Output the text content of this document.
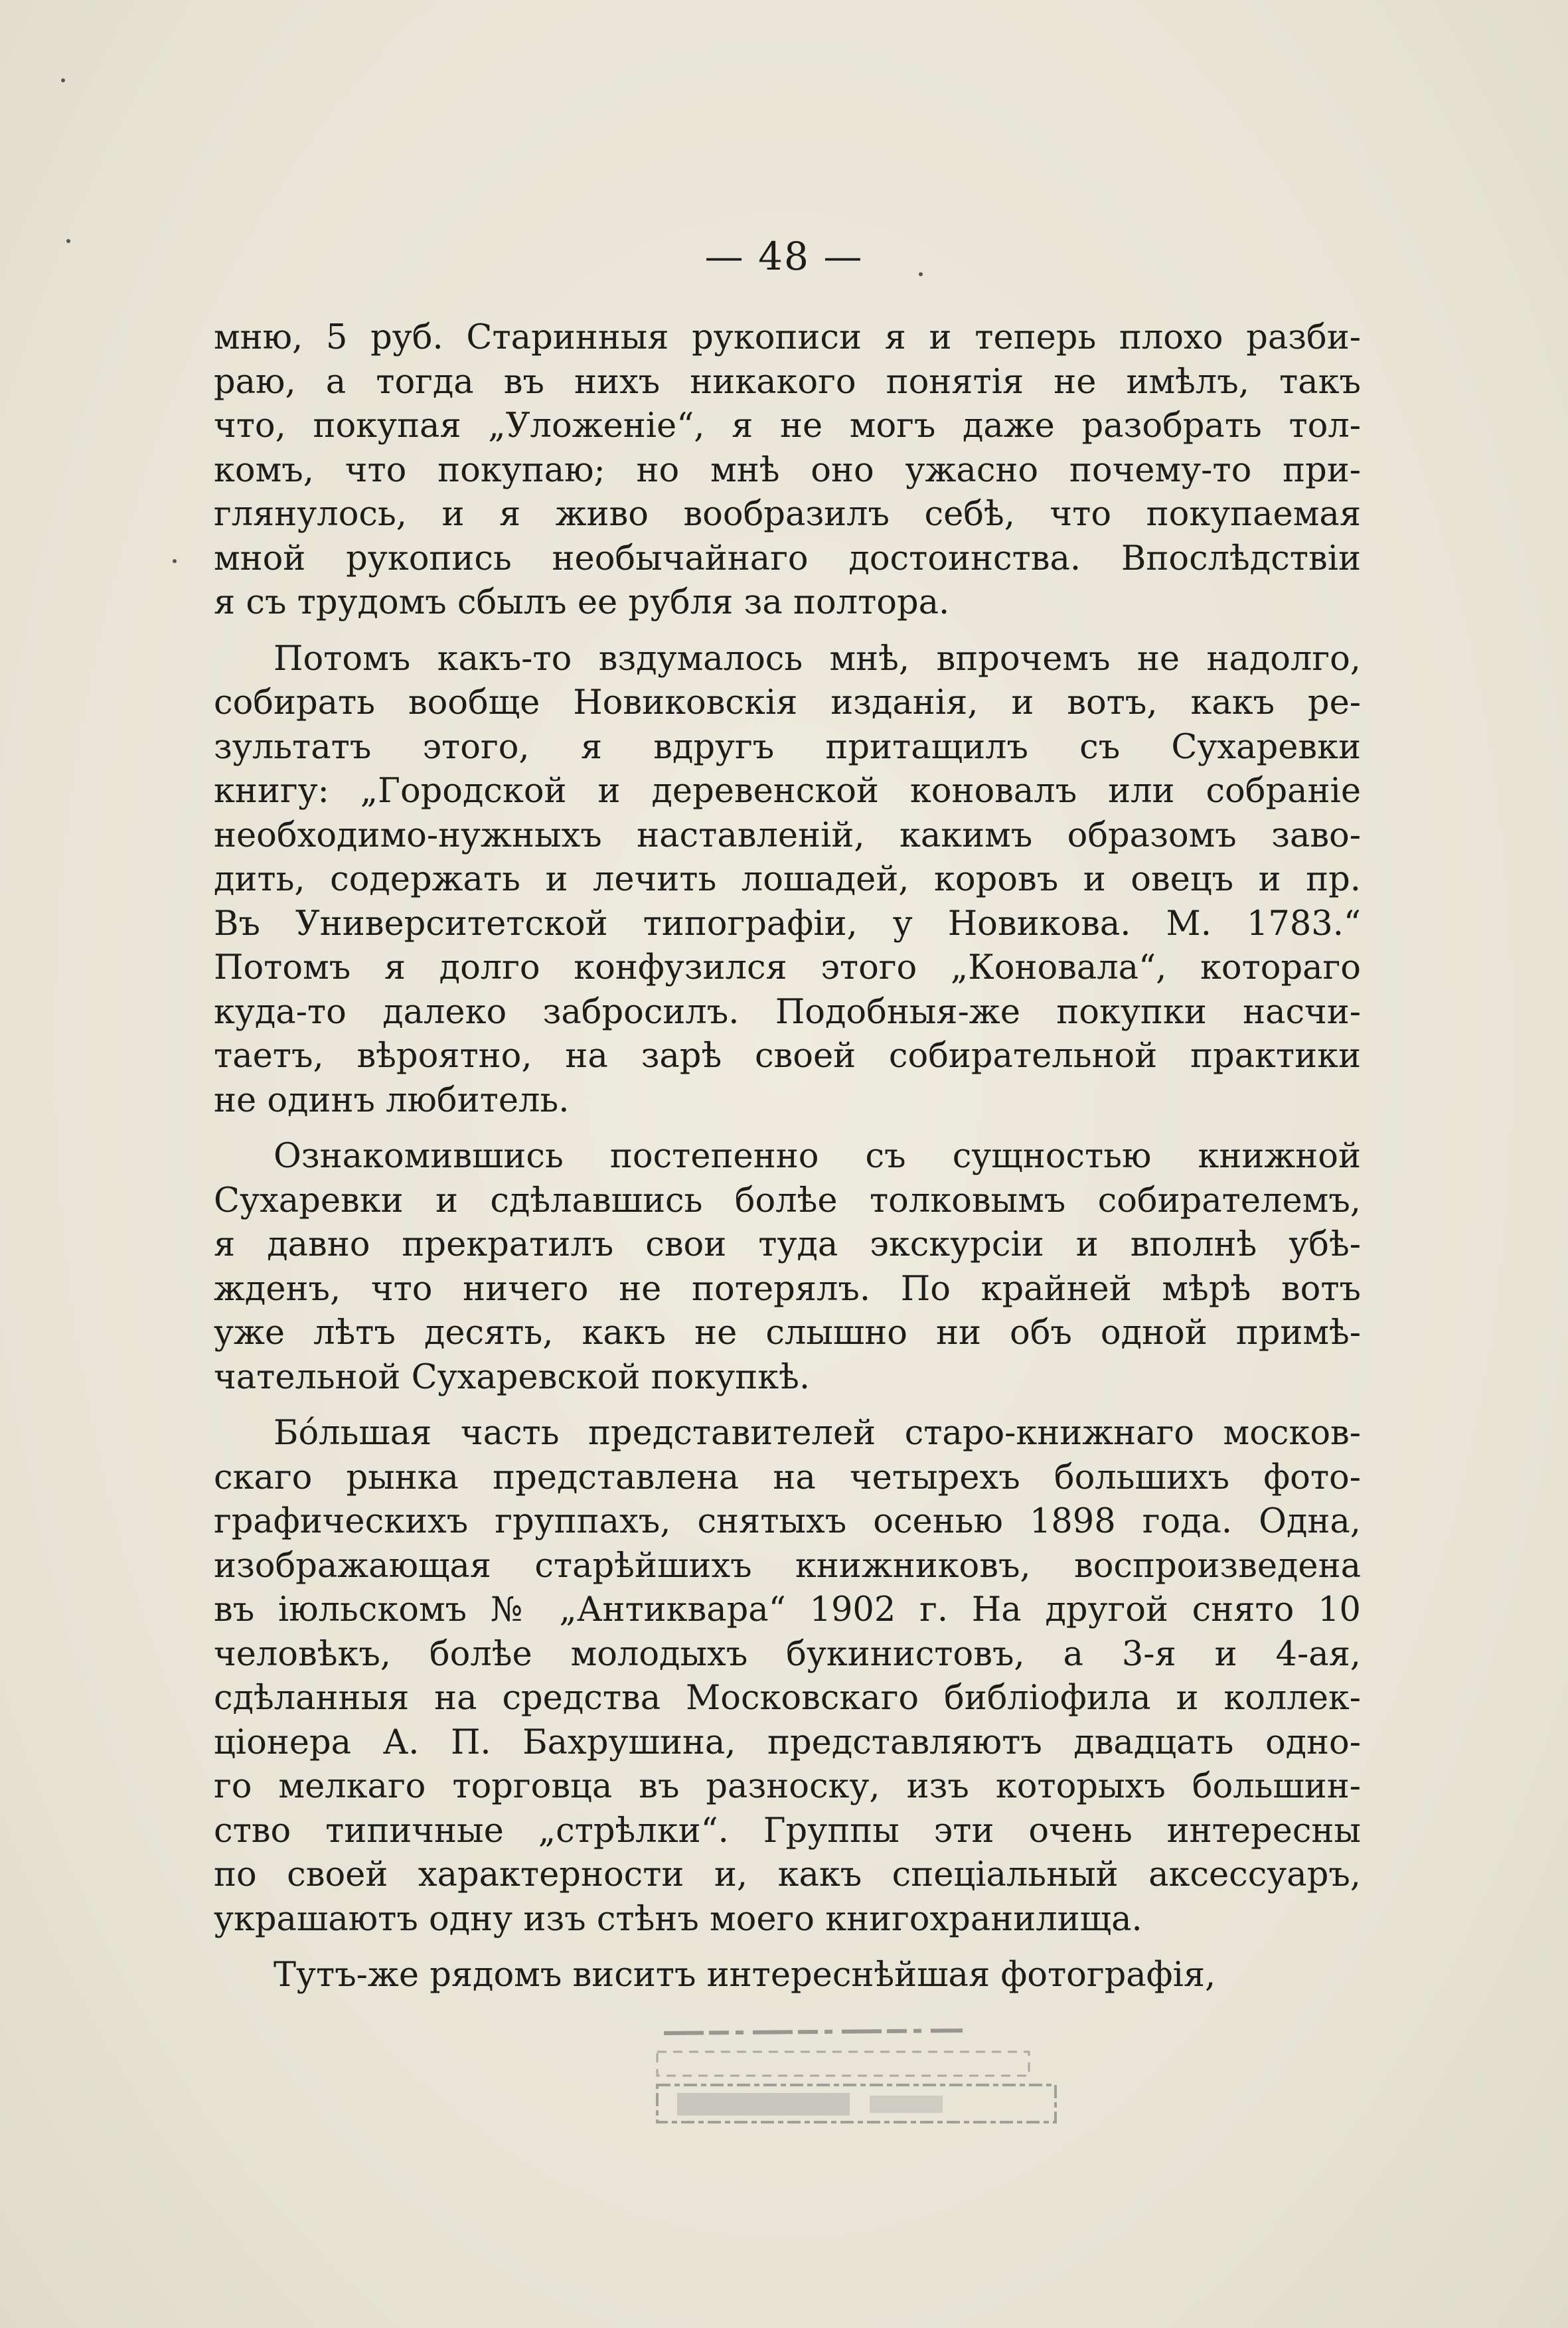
— 48 —

мню, 5 руб. Старинныя рукописи я и теперь плохо разби-
раю, а тогда въ нихъ никакого понятія не имѣлъ, такъ
что, покупая „Уложеніе“, я не могъ даже разобрать тол-
комъ, что покупаю; но мнѣ оно ужасно почему-то при-
глянулось, и я живо вообразилъ себѣ, что покупаемая
мной рукопись необычайнаго достоинства. Впослѣдствіи
я съ трудомъ сбылъ ее рубля за полтора.

Потомъ какъ-то вздумалось мнѣ, впрочемъ не надолго,
собирать вообще Новиковскія изданія, и вотъ, какъ ре-
зультатъ этого, я вдругъ притащилъ съ Сухаревки
книгу: „Городской и деревенской коновалъ или собраніе
необходимо-нужныхъ наставленій, какимъ образомъ заво-
дить, содержать и лечить лошадей, коровъ и овецъ и пр.
Въ Университетской типографіи, у Новикова. М. 1783.“
Потомъ я долго конфузился этого „Коновала“, котораго
куда-то далеко забросилъ. Подобныя-же покупки насчи-
таетъ, вѣроятно, на зарѣ своей собирательной практики
не одинъ любитель.

Ознакомившись постепенно съ сущностью книжной
Сухаревки и сдѣлавшись болѣе толковымъ собирателемъ,
я давно прекратилъ свои туда экскурсіи и вполнѣ убѣ-
жденъ, что ничего не потерялъ. По крайней мѣрѣ вотъ
уже лѣтъ десять, какъ не слышно ни объ одной примѣ-
чательной Сухаревской покупкѣ.

Бо́льшая часть представителей старо-книжнаго москов-
скаго рынка представлена на четырехъ большихъ фото-
графическихъ группахъ, снятыхъ осенью 1898 года. Одна,
изображающая старѣйшихъ книжниковъ, воспроизведена
въ іюльскомъ № „Антиквара“ 1902 г. На другой снято 10
человѣкъ, болѣе молодыхъ букинистовъ, а 3-я и 4-ая,
сдѣланныя на средства Московскаго библіофила и коллек-
ціонера А. П. Бахрушина, представляютъ двадцать одно-
го мелкаго торговца въ разноску, изъ которыхъ большин-
ство типичные „стрѣлки“. Группы эти очень интересны
по своей характерности и, какъ спеціальный аксессуаръ,
украшаютъ одну изъ стѣнъ моего книгохранилища.

Тутъ-же рядомъ виситъ интереснѣйшая фотографія,
